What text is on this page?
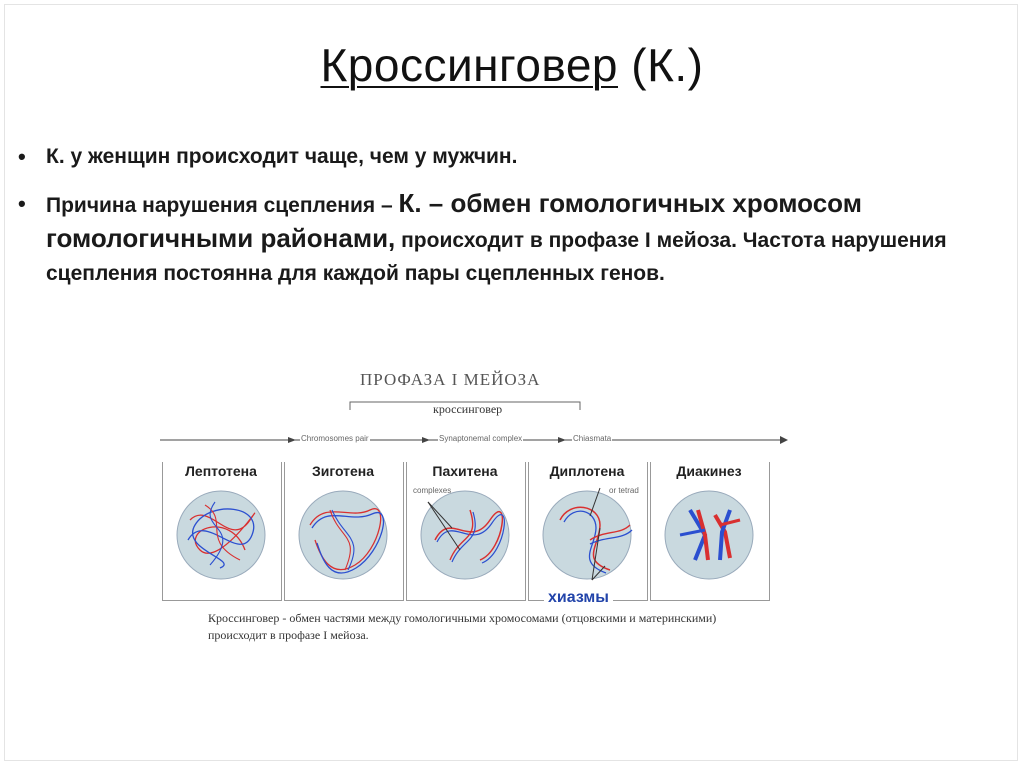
Кроссинговер (К.)
• К. у женщин происходит чаще, чем у мужчин.
• Причина нарушения сцепления – К. – обмен гомологичных хромосом гомологичными районами, происходит в профазе I мейоза. Частота нарушения сцепления постоянна для каждой пары сцепленных генов.
ПРОФАЗА I МЕЙОЗА
кроссинговер
Chromosomes pair	Synaptonemal complex	Chiasmata
Лептотена	Зиготена	Пахитена	Диплотена	Диакинез
complexes	or tetrad
хиазмы
Кроссинговер - обмен частями между гомологичными хромосомами (отцовскими и материнскими) происходит в профазе I мейоза.
